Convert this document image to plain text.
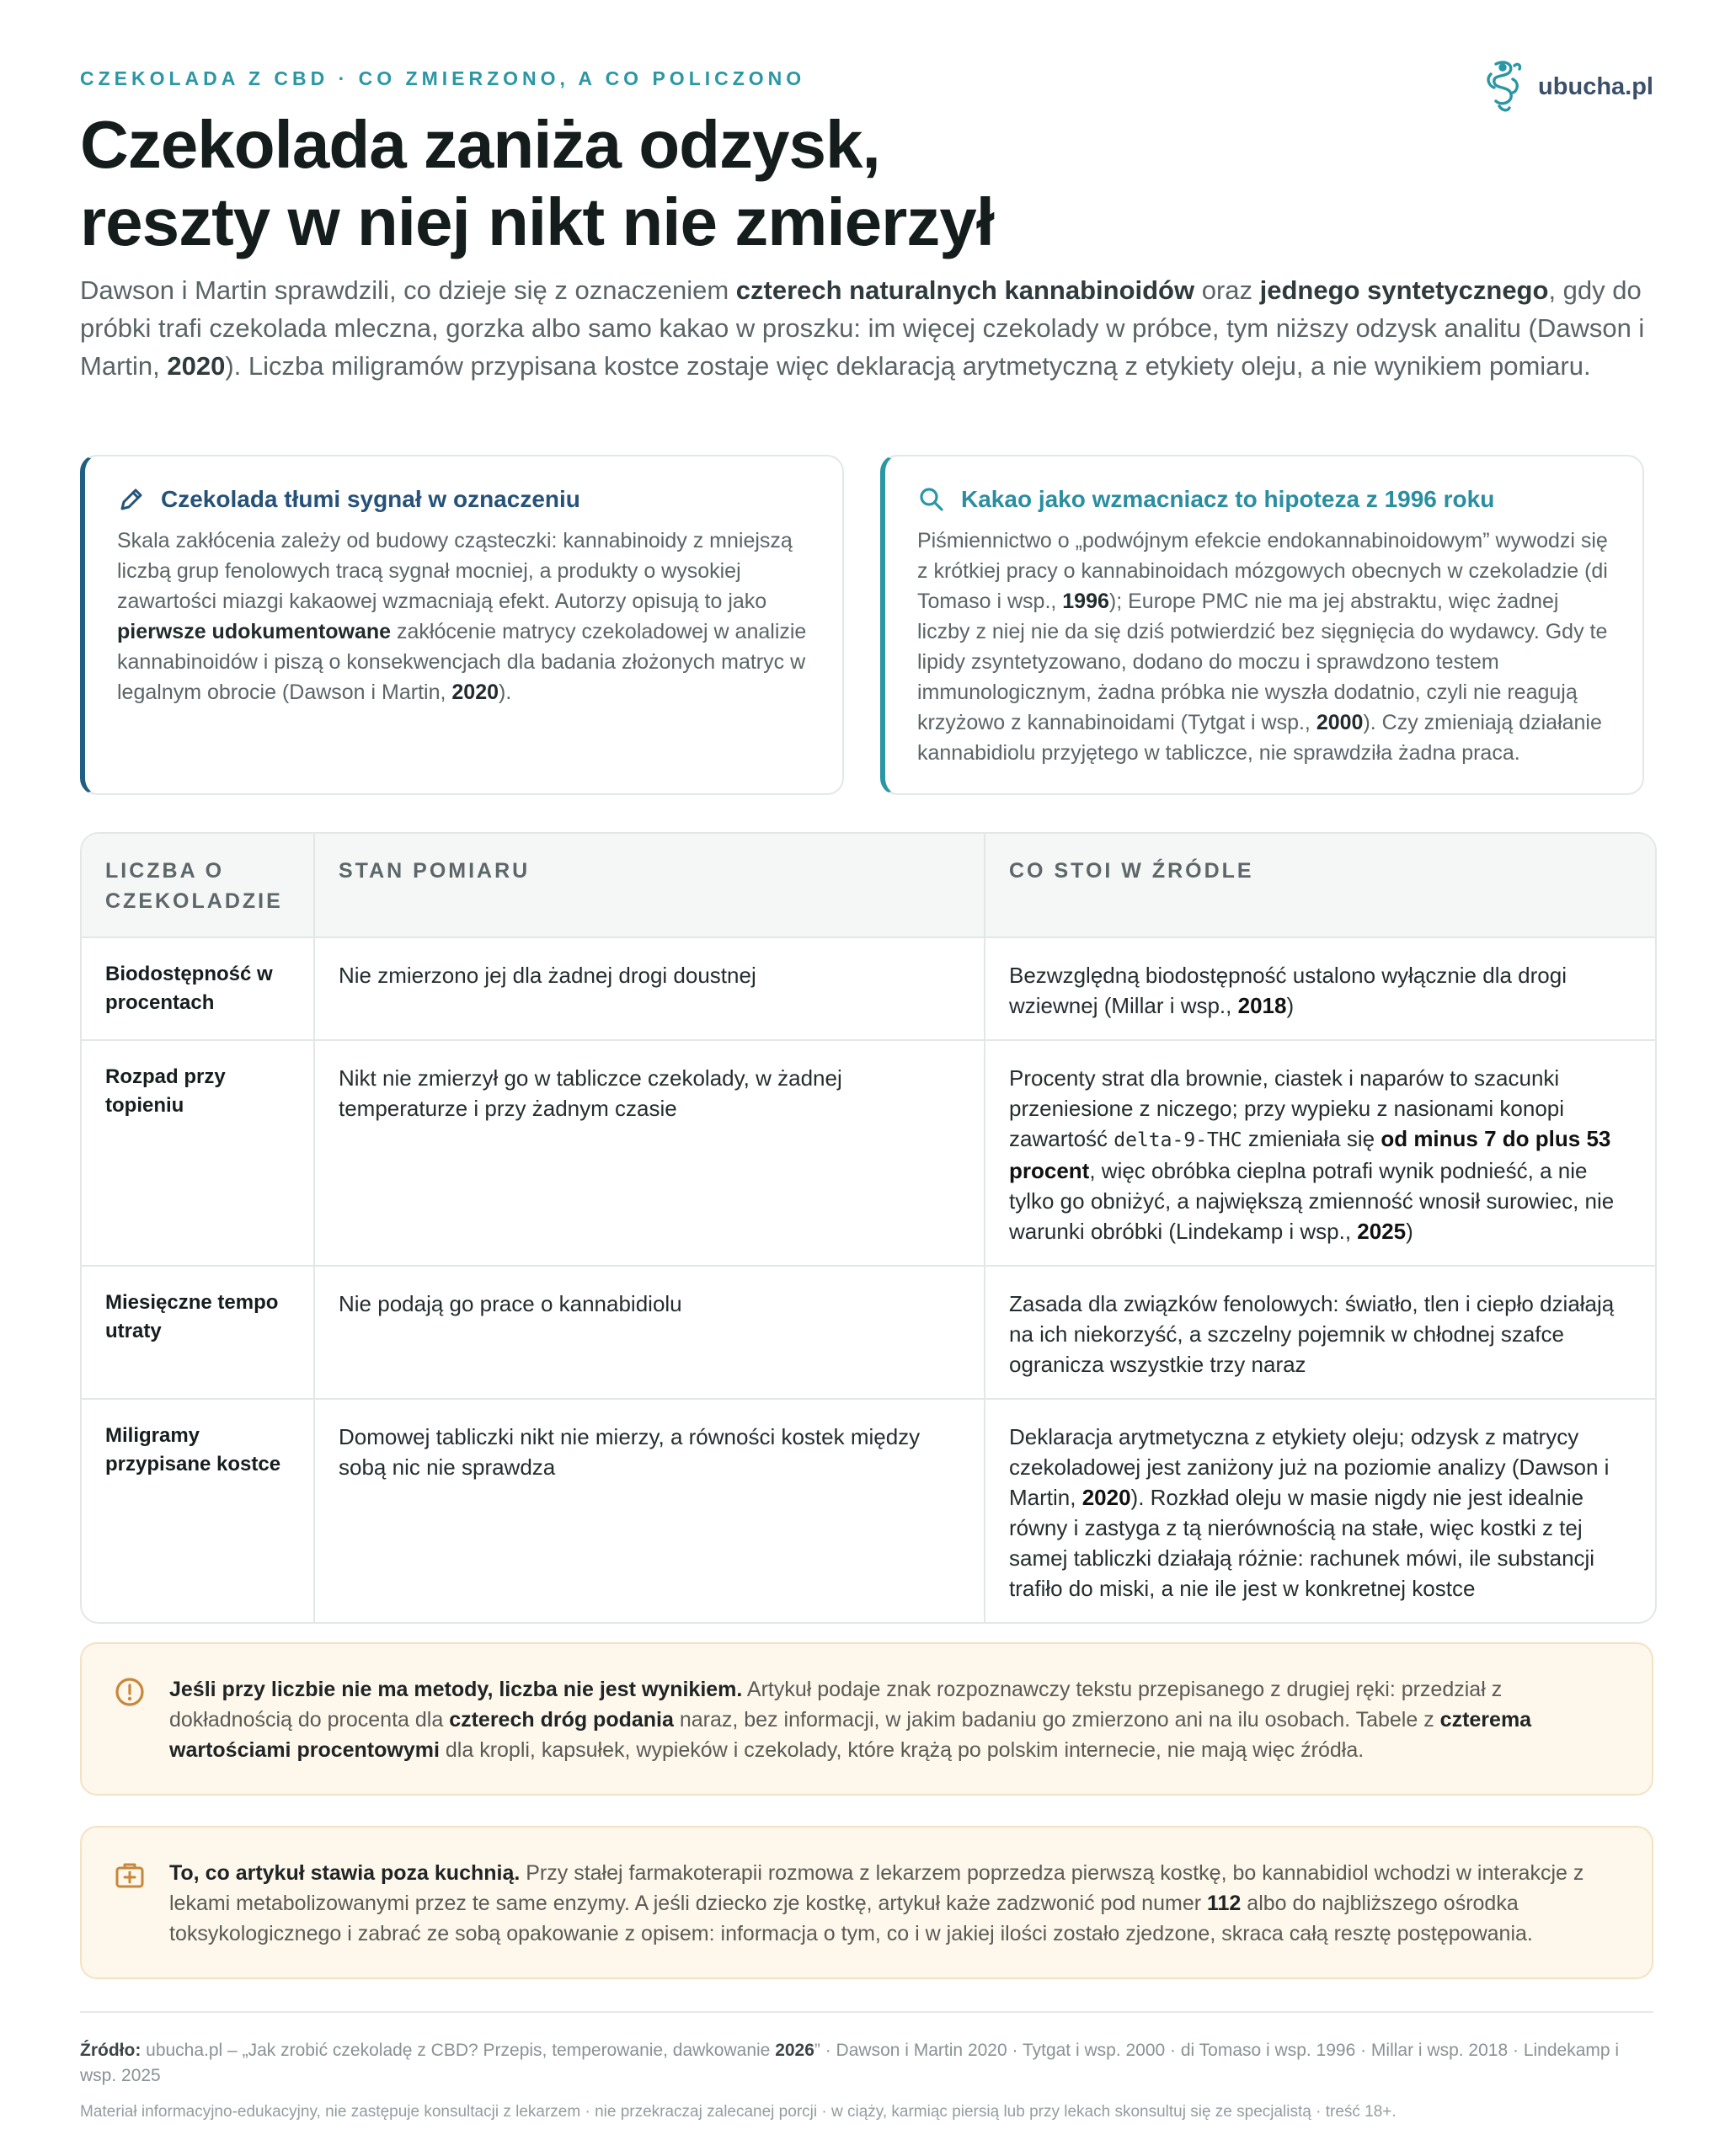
CZEKOLADA Z CBD · CO ZMIERZONO, A CO POLICZONO	ubucha.pl
Czekolada zaniża odzysk,
reszty w niej nikt nie zmierzył

Dawson i Martin sprawdzili, co dzieje się z oznaczeniem czterech naturalnych kannabinoidów oraz jednego syntetycznego, gdy do próbki trafi czekolada mleczna, gorzka albo samo kakao w proszku: im więcej czekolady w próbce, tym niższy odzysk analitu (Dawson i Martin, 2020). Liczba miligramów przypisana kostce zostaje więc deklaracją arytmetyczną z etykiety oleju, a nie wynikiem pomiaru.

Czekolada tłumi sygnał w oznaczeniu

Skala zakłócenia zależy od budowy cząsteczki: kannabinoidy z mniejszą liczbą grup fenolowych tracą sygnał mocniej, a produkty o wysokiej zawartości miazgi kakaowej wzmacniają efekt. Autorzy opisują to jako pierwsze udokumentowane zakłócenie matrycy czekoladowej w analizie kannabinoidów i piszą o konsekwencjach dla badania złożonych matryc w legalnym obrocie (Dawson i Martin, 2020).

Kakao jako wzmacniacz to hipoteza z 1996 roku

Piśmiennictwo o „podwójnym efekcie endokannabinoidowym” wywodzi się z krótkiej pracy o kannabinoidach mózgowych obecnych w czekoladzie (di Tomaso i wsp., 1996); Europe PMC nie ma jej abstraktu, więc żadnej liczby z niej nie da się dziś potwierdzić bez sięgnięcia do wydawcy. Gdy te lipidy zsyntetyzowano, dodano do moczu i sprawdzono testem immunologicznym, żadna próbka nie wyszła dodatnio, czyli nie reagują krzyżowo z kannabinoidami (Tytgat i wsp., 2000). Czy zmieniają działanie kannabidiolu przyjętego w tabliczce, nie sprawdziła żadna praca.

LICZBA O CZEKOLADZIE	STAN POMIARU	CO STOI W ŹRÓDLE
Biodostępność w procentach	Nie zmierzono jej dla żadnej drogi doustnej	Bezwzględną biodostępność ustalono wyłącznie dla drogi wziewnej (Millar i wsp., 2018)
Rozpad przy topieniu	Nikt nie zmierzył go w tabliczce czekolady, w żadnej temperaturze i przy żadnym czasie	Procenty strat dla brownie, ciastek i naparów to szacunki przeniesione z niczego; przy wypieku z nasionami konopi zawartość delta-9-THC zmieniała się od minus 7 do plus 53 procent, więc obróbka cieplna potrafi wynik podnieść, a nie tylko go obniżyć, a największą zmienność wnosił surowiec, nie warunki obróbki (Lindekamp i wsp., 2025)
Miesięczne tempo utraty	Nie podają go prace o kannabidiolu	Zasada dla związków fenolowych: światło, tlen i ciepło działają na ich niekorzyść, a szczelny pojemnik w chłodnej szafce ogranicza wszystkie trzy naraz
Miligramy przypisane kostce	Domowej tabliczki nikt nie mierzy, a równości kostek między sobą nic nie sprawdza	Deklaracja arytmetyczna z etykiety oleju; odzysk z matrycy czekoladowej jest zaniżony już na poziomie analizy (Dawson i Martin, 2020). Rozkład oleju w masie nigdy nie jest idealnie równy i zastyga z tą nierównością na stałe, więc kostki z tej samej tabliczki działają różnie: rachunek mówi, ile substancji trafiło do miski, a nie ile jest w konkretnej kostce

Jeśli przy liczbie nie ma metody, liczba nie jest wynikiem. Artykuł podaje znak rozpoznawczy tekstu przepisanego z drugiej ręki: przedział z dokładnością do procenta dla czterech dróg podania naraz, bez informacji, w jakim badaniu go zmierzono ani na ilu osobach. Tabele z czterema wartościami procentowymi dla kropli, kapsułek, wypieków i czekolady, które krążą po polskim internecie, nie mają więc źródła.

To, co artykuł stawia poza kuchnią. Przy stałej farmakoterapii rozmowa z lekarzem poprzedza pierwszą kostkę, bo kannabidiol wchodzi w interakcje z lekami metabolizowanymi przez te same enzymy. A jeśli dziecko zje kostkę, artykuł każe zadzwonić pod numer 112 albo do najbliższego ośrodka toksykologicznego i zabrać ze sobą opakowanie z opisem: informacja o tym, co i w jakiej ilości zostało zjedzone, skraca całą resztę postępowania.

Źródło: ubucha.pl – „Jak zrobić czekoladę z CBD? Przepis, temperowanie, dawkowanie 2026” · Dawson i Martin 2020 · Tytgat i wsp. 2000 · di Tomaso i wsp. 1996 · Millar i wsp. 2018 · Lindekamp i wsp. 2025

Materiał informacyjno-edukacyjny, nie zastępuje konsultacji z lekarzem · nie przekraczaj zalecanej porcji · w ciąży, karmiąc piersią lub przy lekach skonsultuj się ze specjalistą · treść 18+.
